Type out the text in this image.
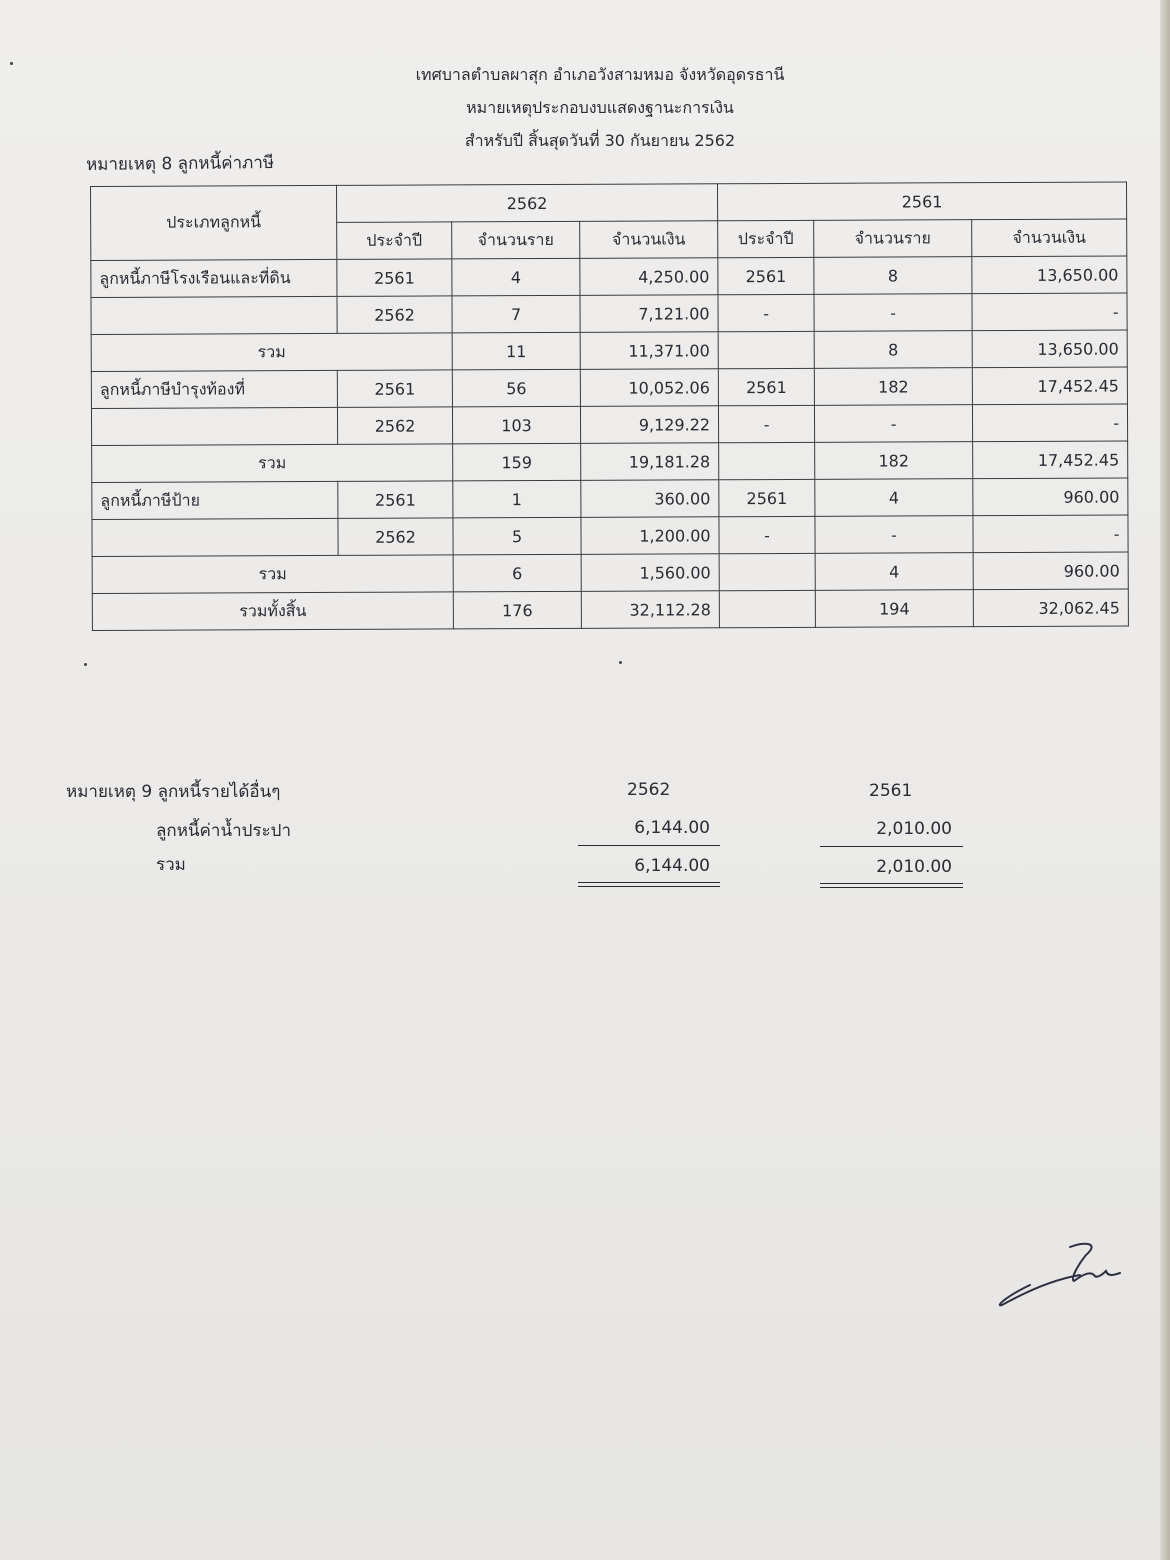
เทศบาลตำบลผาสุก อำเภอวังสามหมอ จังหวัดอุดรธานี
หมายเหตุประกอบงบแสดงฐานะการเงิน
สำหรับปี สิ้นสุดวันที่ 30 กันยายน 2562
หมายเหตุ 8 ลูกหนี้ค่าภาษี
ประเภทลูกหนี้	2562			2561		
	ประจำปี	จำนวนราย	จำนวนเงิน	ประจำปี	จำนวนราย	จำนวนเงิน
ลูกหนี้ภาษีโรงเรือนและที่ดิน	2561	4	4,250.00	2561	8	13,650.00
	2562	7	7,121.00	-	-	-
รวม		11	11,371.00		8	13,650.00
ลูกหนี้ภาษีบำรุงท้องที่	2561	56	10,052.06	2561	182	17,452.45
	2562	103	9,129.22	-	-	-
รวม		159	19,181.28		182	17,452.45
ลูกหนี้ภาษีป้าย	2561	1	360.00	2561	4	960.00
	2562	5	1,200.00	-	-	-
รวม		6	1,560.00		4	960.00
รวมทั้งสิ้น		176	32,112.28		194	32,062.45
หมายเหตุ 9 ลูกหนี้รายได้อื่นๆ	2562	2561
ลูกหนี้ค่าน้ำประปา	6,144.00	2,010.00
รวม	6,144.00	2,010.00
